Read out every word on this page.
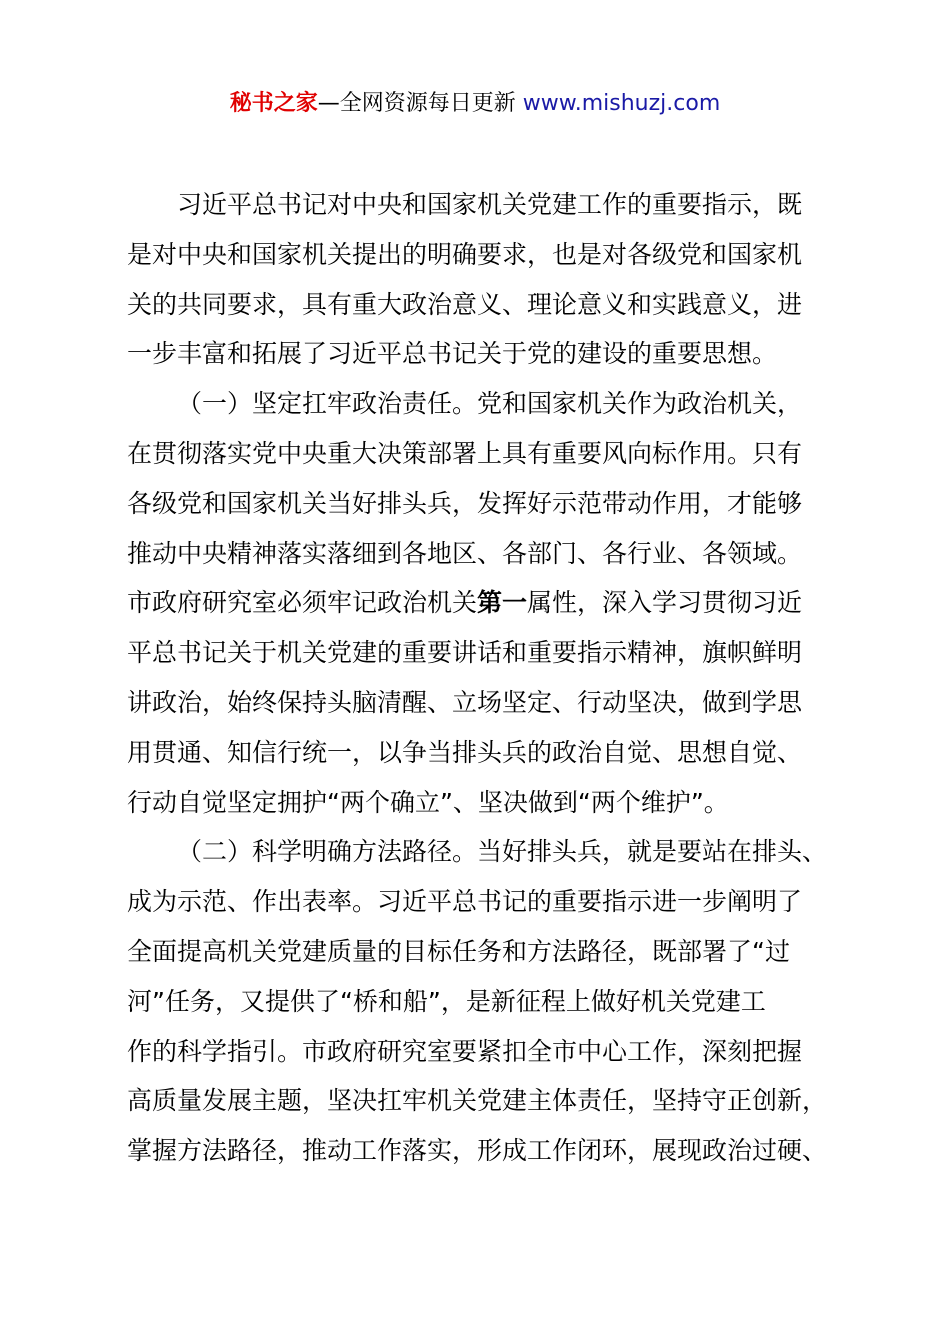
秘书之家—全网资源每日更新 www.mishuzj.com
习近平总书记对中央和国家机关党建工作的重要指示，既
是对中央和国家机关提出的明确要求，也是对各级党和国家机
关的共同要求，具有重大政治意义、理论意义和实践意义，进
一步丰富和拓展了习近平总书记关于党的建设的重要思想。
（一）坚定扛牢政治责任。党和国家机关作为政治机关，
在贯彻落实党中央重大决策部署上具有重要风向标作用。只有
各级党和国家机关当好排头兵，发挥好示范带动作用，才能够
推动中央精神落实落细到各地区、各部门、各行业、各领域。
市政府研究室必须牢记政治机关第一属性，深入学习贯彻习近
平总书记关于机关党建的重要讲话和重要指示精神，旗帜鲜明
讲政治，始终保持头脑清醒、立场坚定、行动坚决，做到学思
用贯通、知信行统一，以争当排头兵的政治自觉、思想自觉、
行动自觉坚定拥护“两个确立”、坚决做到“两个维护”。
（二）科学明确方法路径。当好排头兵，就是要站在排头、
成为示范、作出表率。习近平总书记的重要指示进一步阐明了
全面提高机关党建质量的目标任务和方法路径，既部署了“过
河”任务，又提供了“桥和船”，是新征程上做好机关党建工
作的科学指引。市政府研究室要紧扣全市中心工作，深刻把握
高质量发展主题，坚决扛牢机关党建主体责任，坚持守正创新，
掌握方法路径，推动工作落实，形成工作闭环，展现政治过硬、
